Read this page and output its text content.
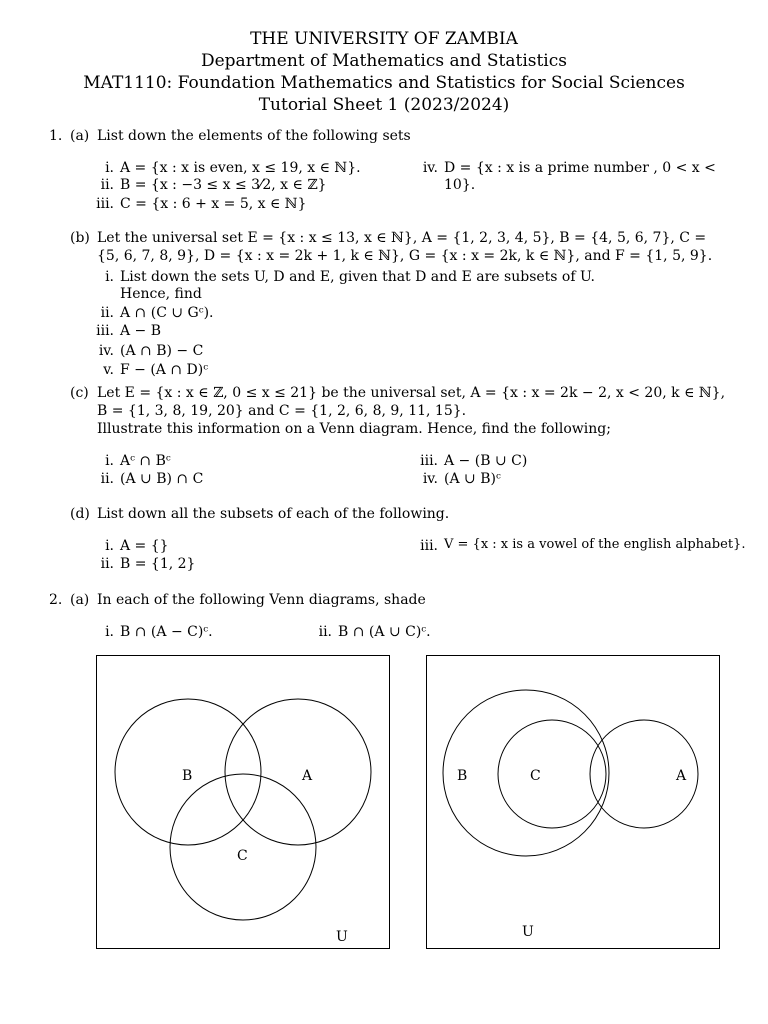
THE UNIVERSITY OF ZAMBIA
Department of Mathematics and Statistics
MAT1110: Foundation Mathematics and Statistics for Social Sciences
Tutorial Sheet 1 (2023/2024)
1. (a) List down the elements of the following sets
i. A = {x : x is even, x ≤ 19, x ∈ ℕ}.
ii. B = {x : −3 ≤ x ≤ 3⁄2, x ∈ ℤ}
iii. C = {x : 6 + x = 5, x ∈ ℕ}
iv. D = {x : x is a prime number , 0 < x <
10}.
(b) Let the universal set E = {x : x ≤ 13, x ∈ ℕ}, A = {1, 2, 3, 4, 5}, B = {4, 5, 6, 7}, C =
{5, 6, 7, 8, 9}, D = {x : x = 2k + 1, k ∈ ℕ}, G = {x : x = 2k, k ∈ ℕ}, and F = {1, 5, 9}.
i. List down the sets U, D and E, given that D and E are subsets of U.
Hence, find
ii. A ∩ (C ∪ Gᶜ).
iii. A − B
iv. (A ∩ B) − C
v. F − (A ∩ D)ᶜ
(c) Let E = {x : x ∈ ℤ, 0 ≤ x ≤ 21} be the universal set, A = {x : x = 2k − 2, x < 20, k ∈ ℕ},
B = {1, 3, 8, 19, 20} and C = {1, 2, 6, 8, 9, 11, 15}.
Illustrate this information on a Venn diagram. Hence, find the following;
i. Aᶜ ∩ Bᶜ
ii. (A ∪ B) ∩ C
iii. A − (B ∪ C)
iv. (A ∪ B)ᶜ
(d) List down all the subsets of each of the following.
i. A = {}
ii. B = {1, 2}
iii. V = {x : x is a vowel of the english alphabet}.
2. (a) In each of the following Venn diagrams, shade
i. B ∩ (A − C)ᶜ.	ii. B ∩ (A ∪ C)ᶜ.
B	A
C
U
B	C	A
U
